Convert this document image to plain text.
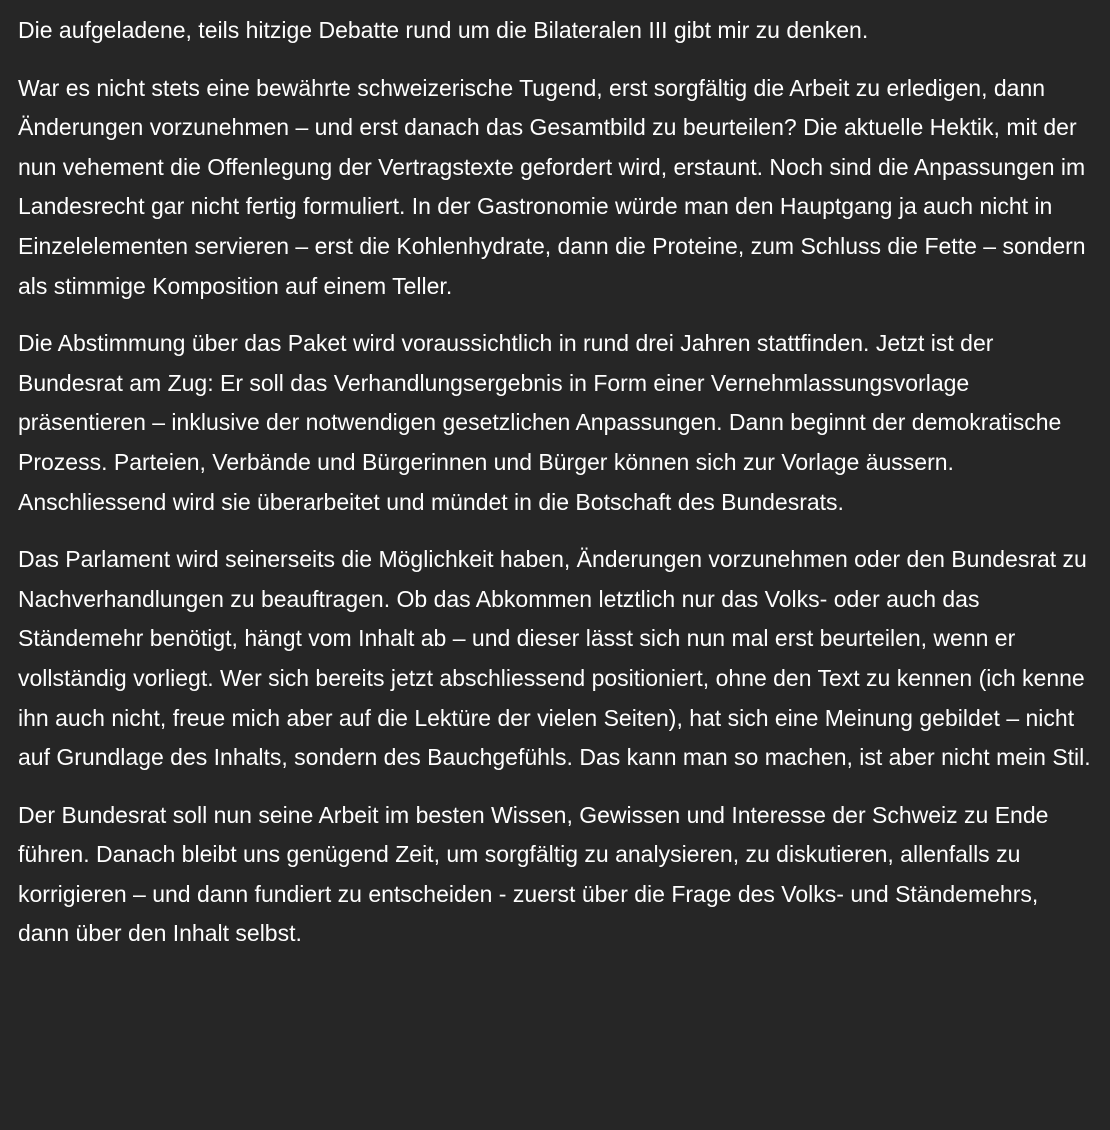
Die aufgeladene, teils hitzige Debatte rund um die Bilateralen III gibt mir zu denken.

War es nicht stets eine bewährte schweizerische Tugend, erst sorgfältig die Arbeit zu erledigen, dann Änderungen vorzunehmen – und erst danach das Gesamtbild zu beurteilen? Die aktuelle Hektik, mit der nun vehement die Offenlegung der Vertragstexte gefordert wird, erstaunt. Noch sind die Anpassungen im Landesrecht gar nicht fertig formuliert. In der Gastronomie würde man den Hauptgang ja auch nicht in Einzelelementen servieren – erst die Kohlenhydrate, dann die Proteine, zum Schluss die Fette – sondern als stimmige Komposition auf einem Teller.

Die Abstimmung über das Paket wird voraussichtlich in rund drei Jahren stattfinden. Jetzt ist der Bundesrat am Zug: Er soll das Verhandlungsergebnis in Form einer Vernehmlassungsvorlage präsentieren – inklusive der notwendigen gesetzlichen Anpassungen. Dann beginnt der demokratische Prozess. Parteien, Verbände und Bürgerinnen und Bürger können sich zur Vorlage äussern. Anschliessend wird sie überarbeitet und mündet in die Botschaft des Bundesrats.

Das Parlament wird seinerseits die Möglichkeit haben, Änderungen vorzunehmen oder den Bundesrat zu Nachverhandlungen zu beauftragen. Ob das Abkommen letztlich nur das Volks- oder auch das Ständemehr benötigt, hängt vom Inhalt ab – und dieser lässt sich nun mal erst beurteilen, wenn er vollständig vorliegt. Wer sich bereits jetzt abschliessend positioniert, ohne den Text zu kennen (ich kenne ihn auch nicht, freue mich aber auf die Lektüre der vielen Seiten), hat sich eine Meinung gebildet – nicht auf Grundlage des Inhalts, sondern des Bauchgefühls. Das kann man so machen, ist aber nicht mein Stil.

Der Bundesrat soll nun seine Arbeit im besten Wissen, Gewissen und Interesse der Schweiz zu Ende führen. Danach bleibt uns genügend Zeit, um sorgfältig zu analysieren, zu diskutieren, allenfalls zu korrigieren – und dann fundiert zu entscheiden - zuerst über die Frage des Volks- und Ständemehrs, dann über den Inhalt selbst.
